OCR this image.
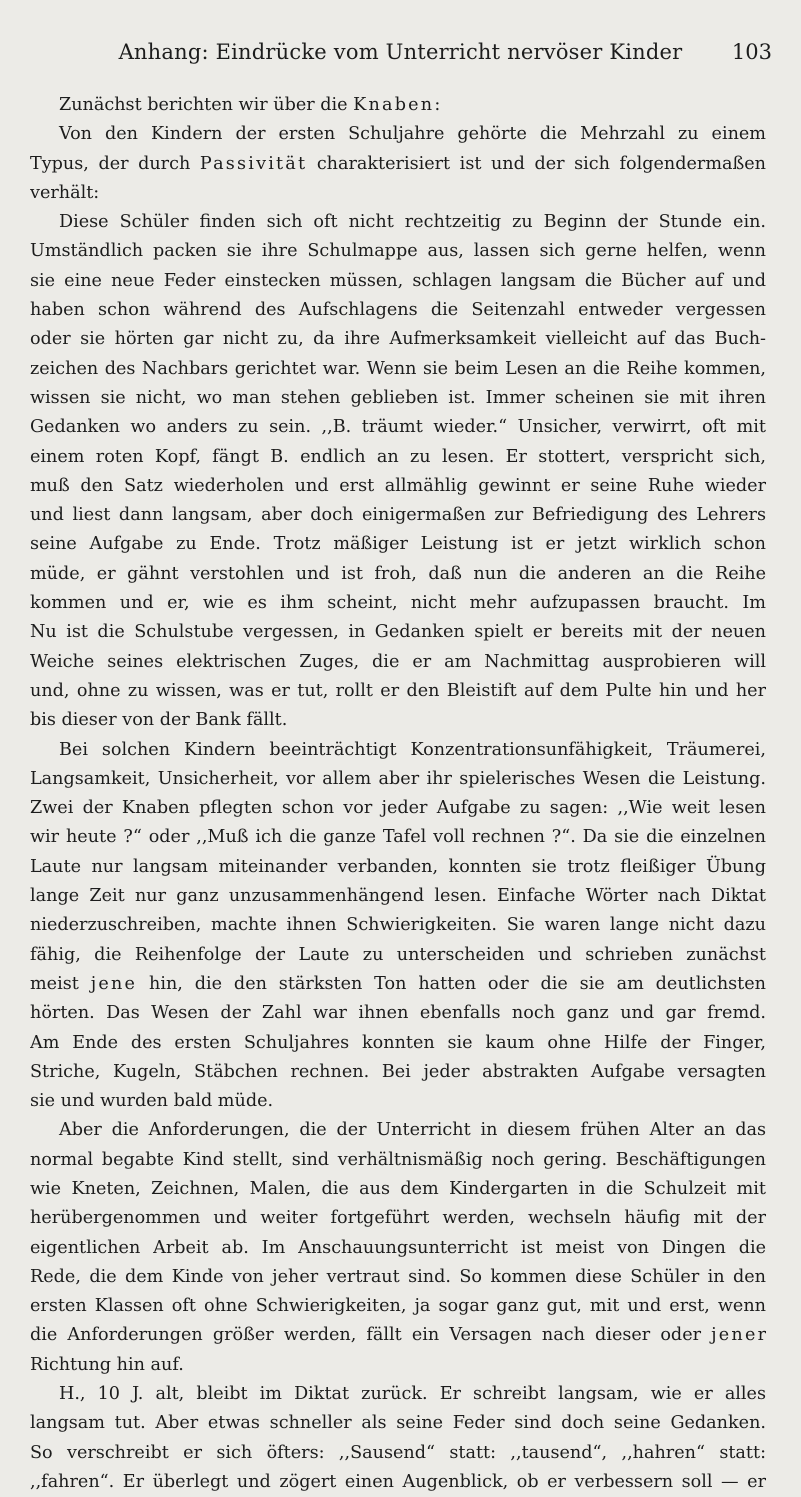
Anhang: Eindrücke vom Unterricht nervöser Kinder	103
Zunächst berichten wir über die Knaben:
Von den Kindern der ersten Schuljahre gehörte die Mehrzahl zu einem
Typus, der durch Passivität charakterisiert ist und der sich folgendermaßen
verhält:
Diese Schüler finden sich oft nicht rechtzeitig zu Beginn der Stunde ein.
Umständlich packen sie ihre Schulmappe aus, lassen sich gerne helfen, wenn
sie eine neue Feder einstecken müssen, schlagen langsam die Bücher auf und
haben schon während des Aufschlagens die Seitenzahl entweder vergessen
oder sie hörten gar nicht zu, da ihre Aufmerksamkeit vielleicht auf das Buch-
zeichen des Nachbars gerichtet war. Wenn sie beim Lesen an die Reihe kommen,
wissen sie nicht, wo man stehen geblieben ist. Immer scheinen sie mit ihren
Gedanken wo anders zu sein. ,,B. träumt wieder.“ Unsicher, verwirrt, oft mit
einem roten Kopf, fängt B. endlich an zu lesen. Er stottert, verspricht sich,
muß den Satz wiederholen und erst allmählig gewinnt er seine Ruhe wieder
und liest dann langsam, aber doch einigermaßen zur Befriedigung des Lehrers
seine Aufgabe zu Ende. Trotz mäßiger Leistung ist er jetzt wirklich schon
müde, er gähnt verstohlen und ist froh, daß nun die anderen an die Reihe
kommen und er, wie es ihm scheint, nicht mehr aufzupassen braucht. Im
Nu ist die Schulstube vergessen, in Gedanken spielt er bereits mit der neuen
Weiche seines elektrischen Zuges, die er am Nachmittag ausprobieren will
und, ohne zu wissen, was er tut, rollt er den Bleistift auf dem Pulte hin und her
bis dieser von der Bank fällt.
Bei solchen Kindern beeinträchtigt Konzentrationsunfähigkeit, Träumerei,
Langsamkeit, Unsicherheit, vor allem aber ihr spielerisches Wesen die Leistung.
Zwei der Knaben pflegten schon vor jeder Aufgabe zu sagen: ,,Wie weit lesen
wir heute ?“ oder ,,Muß ich die ganze Tafel voll rechnen ?“. Da sie die einzelnen
Laute nur langsam miteinander verbanden, konnten sie trotz fleißiger Übung
lange Zeit nur ganz unzusammenhängend lesen. Einfache Wörter nach Diktat
niederzuschreiben, machte ihnen Schwierigkeiten. Sie waren lange nicht dazu
fähig, die Reihenfolge der Laute zu unterscheiden und schrieben zunächst
meist jene hin, die den stärksten Ton hatten oder die sie am deutlichsten
hörten. Das Wesen der Zahl war ihnen ebenfalls noch ganz und gar fremd.
Am Ende des ersten Schuljahres konnten sie kaum ohne Hilfe der Finger,
Striche, Kugeln, Stäbchen rechnen. Bei jeder abstrakten Aufgabe versagten
sie und wurden bald müde.
Aber die Anforderungen, die der Unterricht in diesem frühen Alter an das
normal begabte Kind stellt, sind verhältnismäßig noch gering. Beschäftigungen
wie Kneten, Zeichnen, Malen, die aus dem Kindergarten in die Schulzeit mit
herübergenommen und weiter fortgeführt werden, wechseln häufig mit der
eigentlichen Arbeit ab. Im Anschauungsunterricht ist meist von Dingen die
Rede, die dem Kinde von jeher vertraut sind. So kommen diese Schüler in den
ersten Klassen oft ohne Schwierigkeiten, ja sogar ganz gut, mit und erst, wenn
die Anforderungen größer werden, fällt ein Versagen nach dieser oder jener
Richtung hin auf.
H., 10 J. alt, bleibt im Diktat zurück. Er schreibt langsam, wie er alles
langsam tut. Aber etwas schneller als seine Feder sind doch seine Gedanken.
So verschreibt er sich öfters: ,,Sausend“ statt: ,,tausend“, ,,hahren“ statt:
,,fahren“. Er überlegt und zögert einen Augenblick, ob er verbessern soll — er
